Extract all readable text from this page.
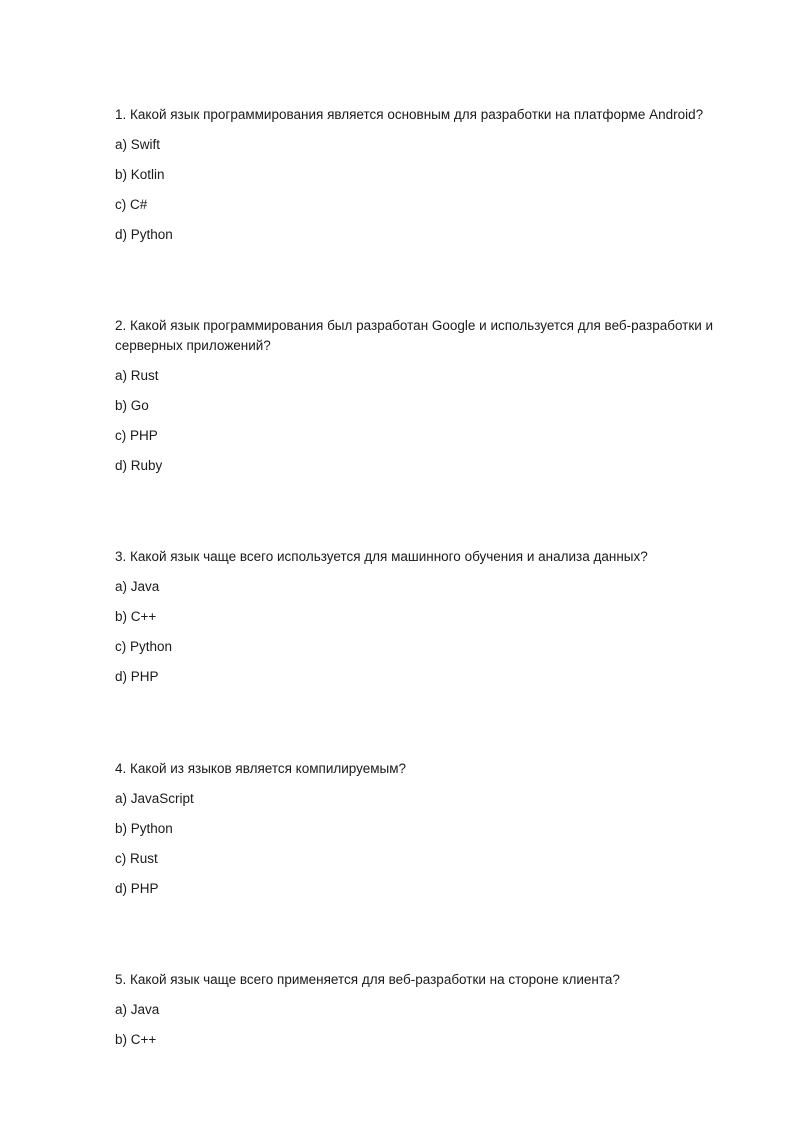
1. Какой язык программирования является основным для разработки на платформе Android?

a) Swift
b) Kotlin
c) C#
d) Python

2. Какой язык программирования был разработан Google и используется для веб-разработки и серверных приложений?

a) Rust
b) Go
c) PHP
d) Ruby

3. Какой язык чаще всего используется для машинного обучения и анализа данных?

a) Java
b) C++
c) Python
d) PHP

4. Какой из языков является компилируемым?

a) JavaScript
b) Python
c) Rust
d) PHP

5. Какой язык чаще всего применяется для веб-разработки на стороне клиента?

a) Java
b) C++
